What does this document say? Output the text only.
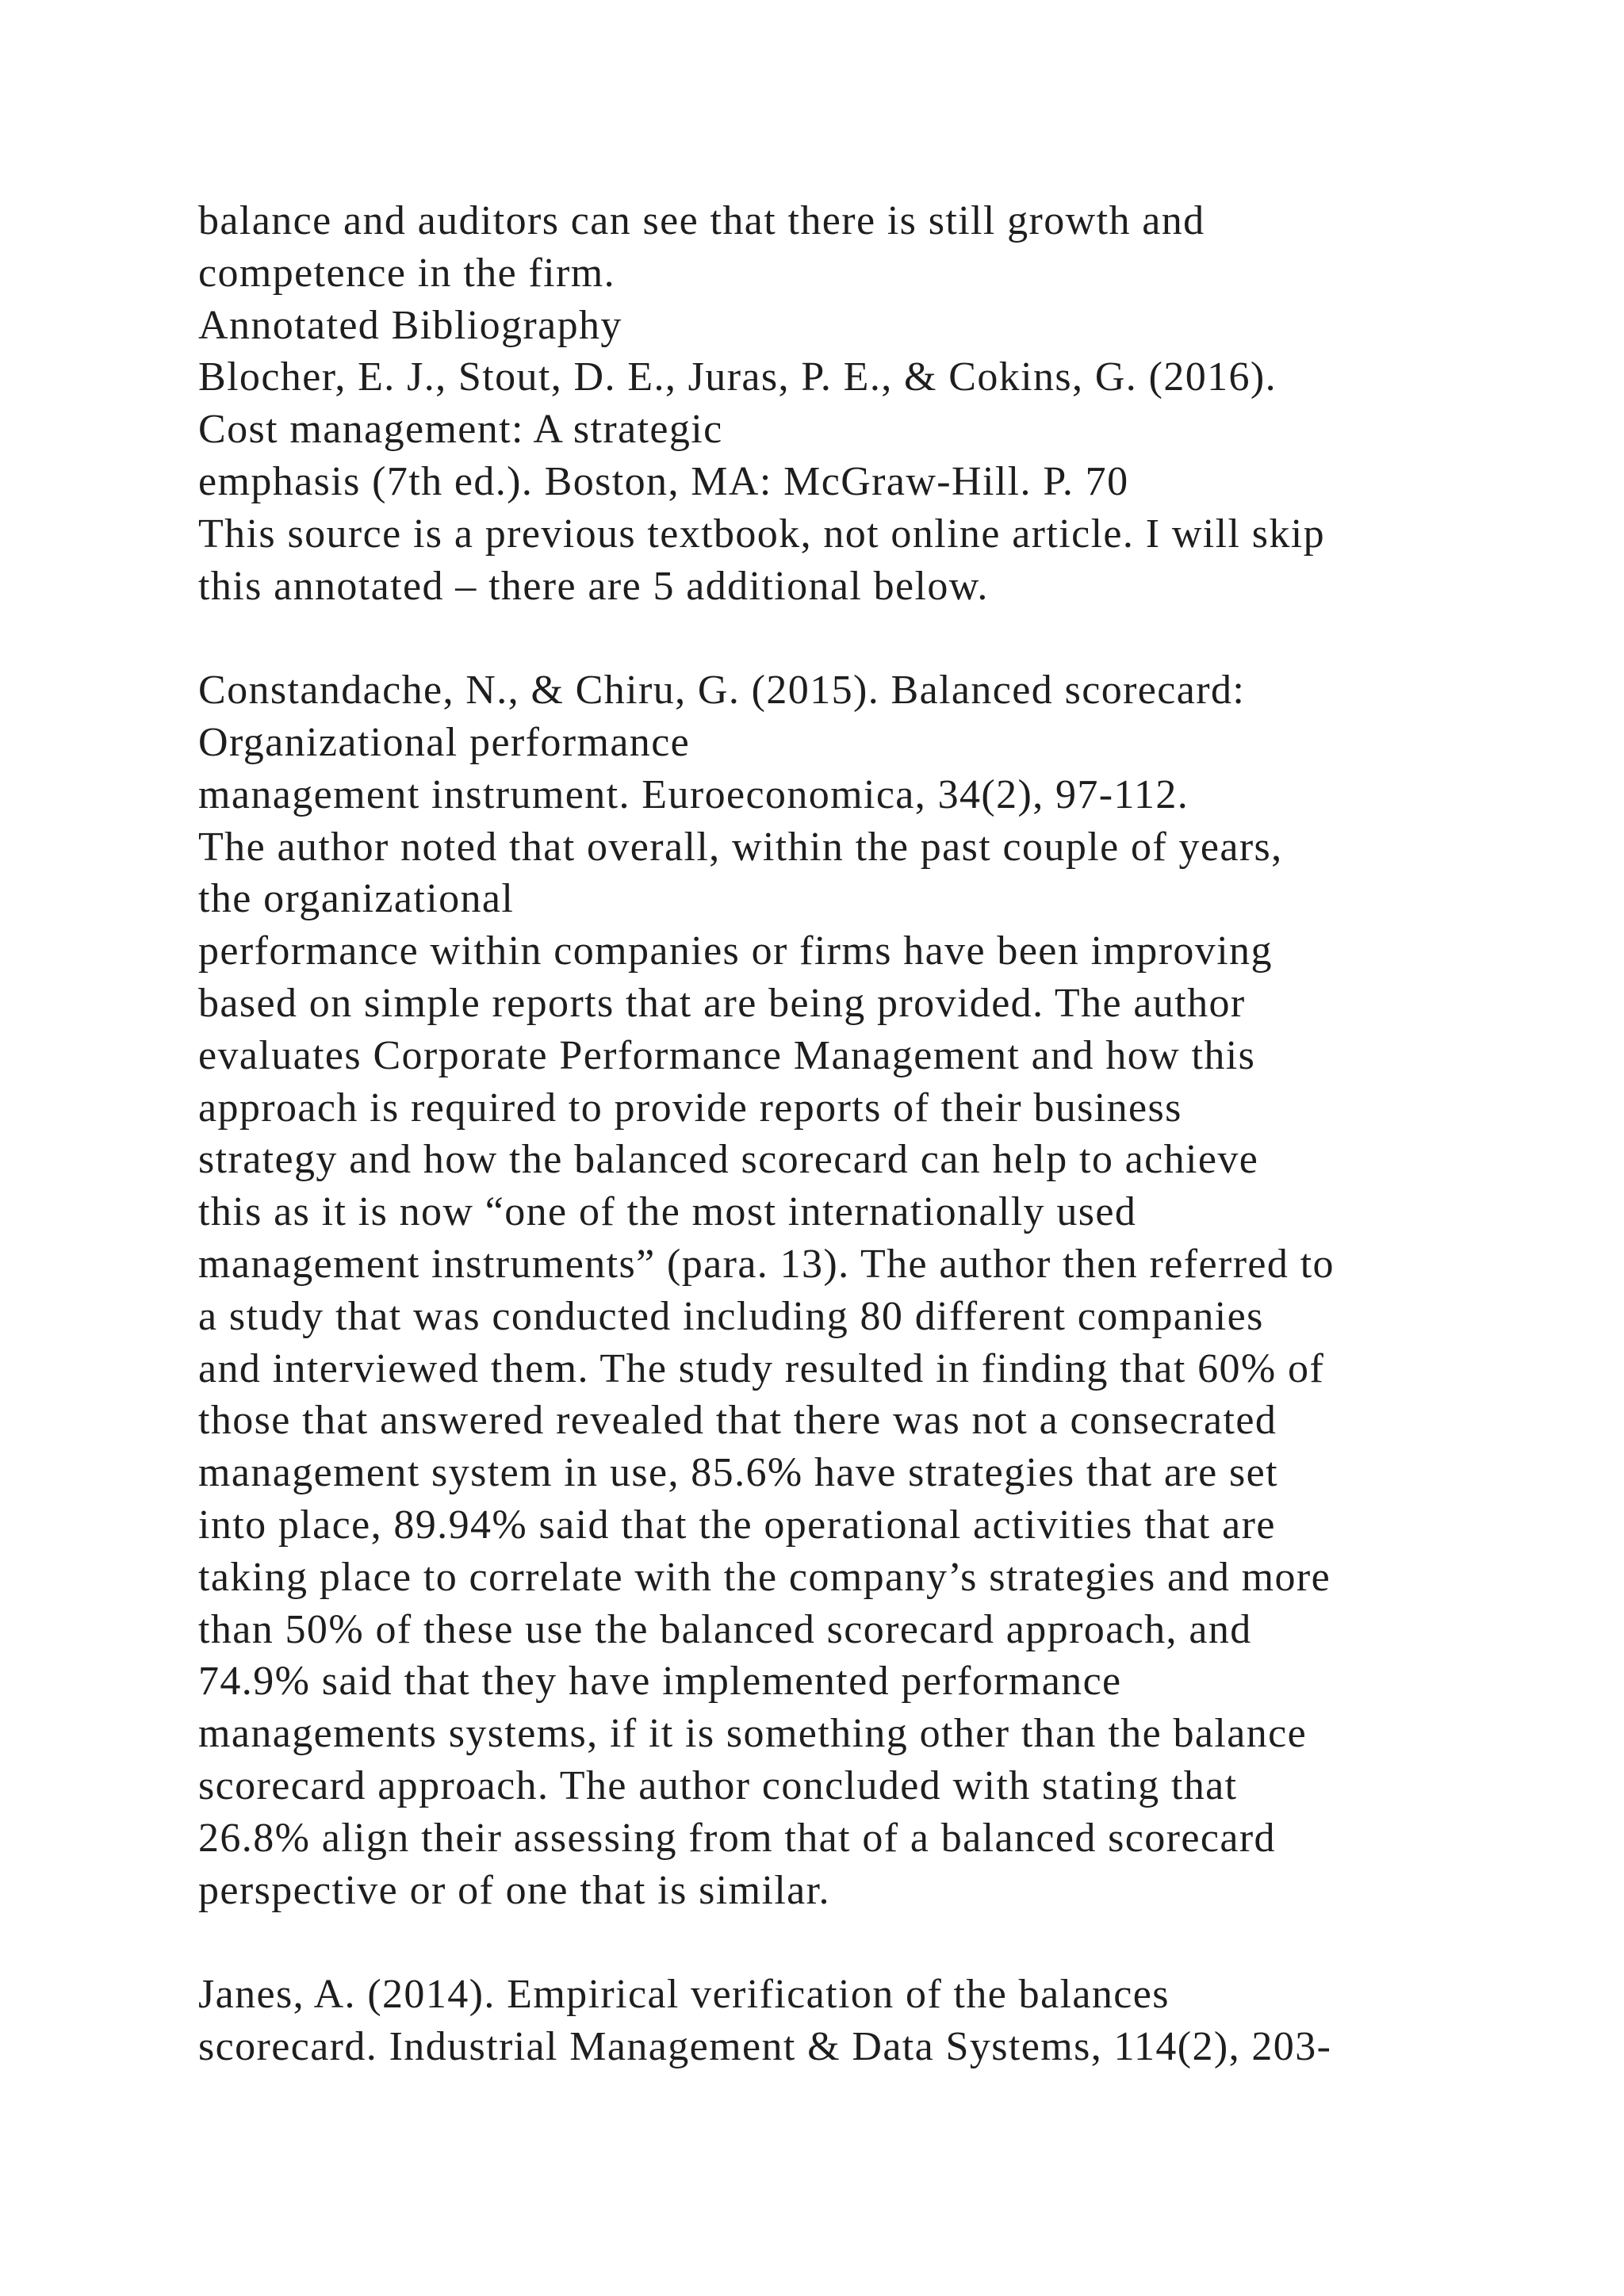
balance and auditors can see that there is still growth and
competence in the firm.
Annotated Bibliography
Blocher, E. J., Stout, D. E., Juras, P. E., & Cokins, G. (2016).
Cost management: A strategic
emphasis (7th ed.). Boston, MA: McGraw-Hill. P. 70
This source is a previous textbook, not online article. I will skip
this annotated – there are 5 additional below.
Constandache, N., & Chiru, G. (2015). Balanced scorecard:
Organizational performance
management instrument. Euroeconomica, 34(2), 97-112.
The author noted that overall, within the past couple of years,
the organizational
performance within companies or firms have been improving
based on simple reports that are being provided. The author
evaluates Corporate Performance Management and how this
approach is required to provide reports of their business
strategy and how the balanced scorecard can help to achieve
this as it is now “one of the most internationally used
management instruments” (para. 13). The author then referred to
a study that was conducted including 80 different companies
and interviewed them. The study resulted in finding that 60% of
those that answered revealed that there was not a consecrated
management system in use, 85.6% have strategies that are set
into place, 89.94% said that the operational activities that are
taking place to correlate with the company’s strategies and more
than 50% of these use the balanced scorecard approach, and
74.9% said that they have implemented performance
managements systems, if it is something other than the balance
scorecard approach. The author concluded with stating that
26.8% align their assessing from that of a balanced scorecard
perspective or of one that is similar.
Janes, A. (2014). Empirical verification of the balances
scorecard. Industrial Management & Data Systems, 114(2), 203-
